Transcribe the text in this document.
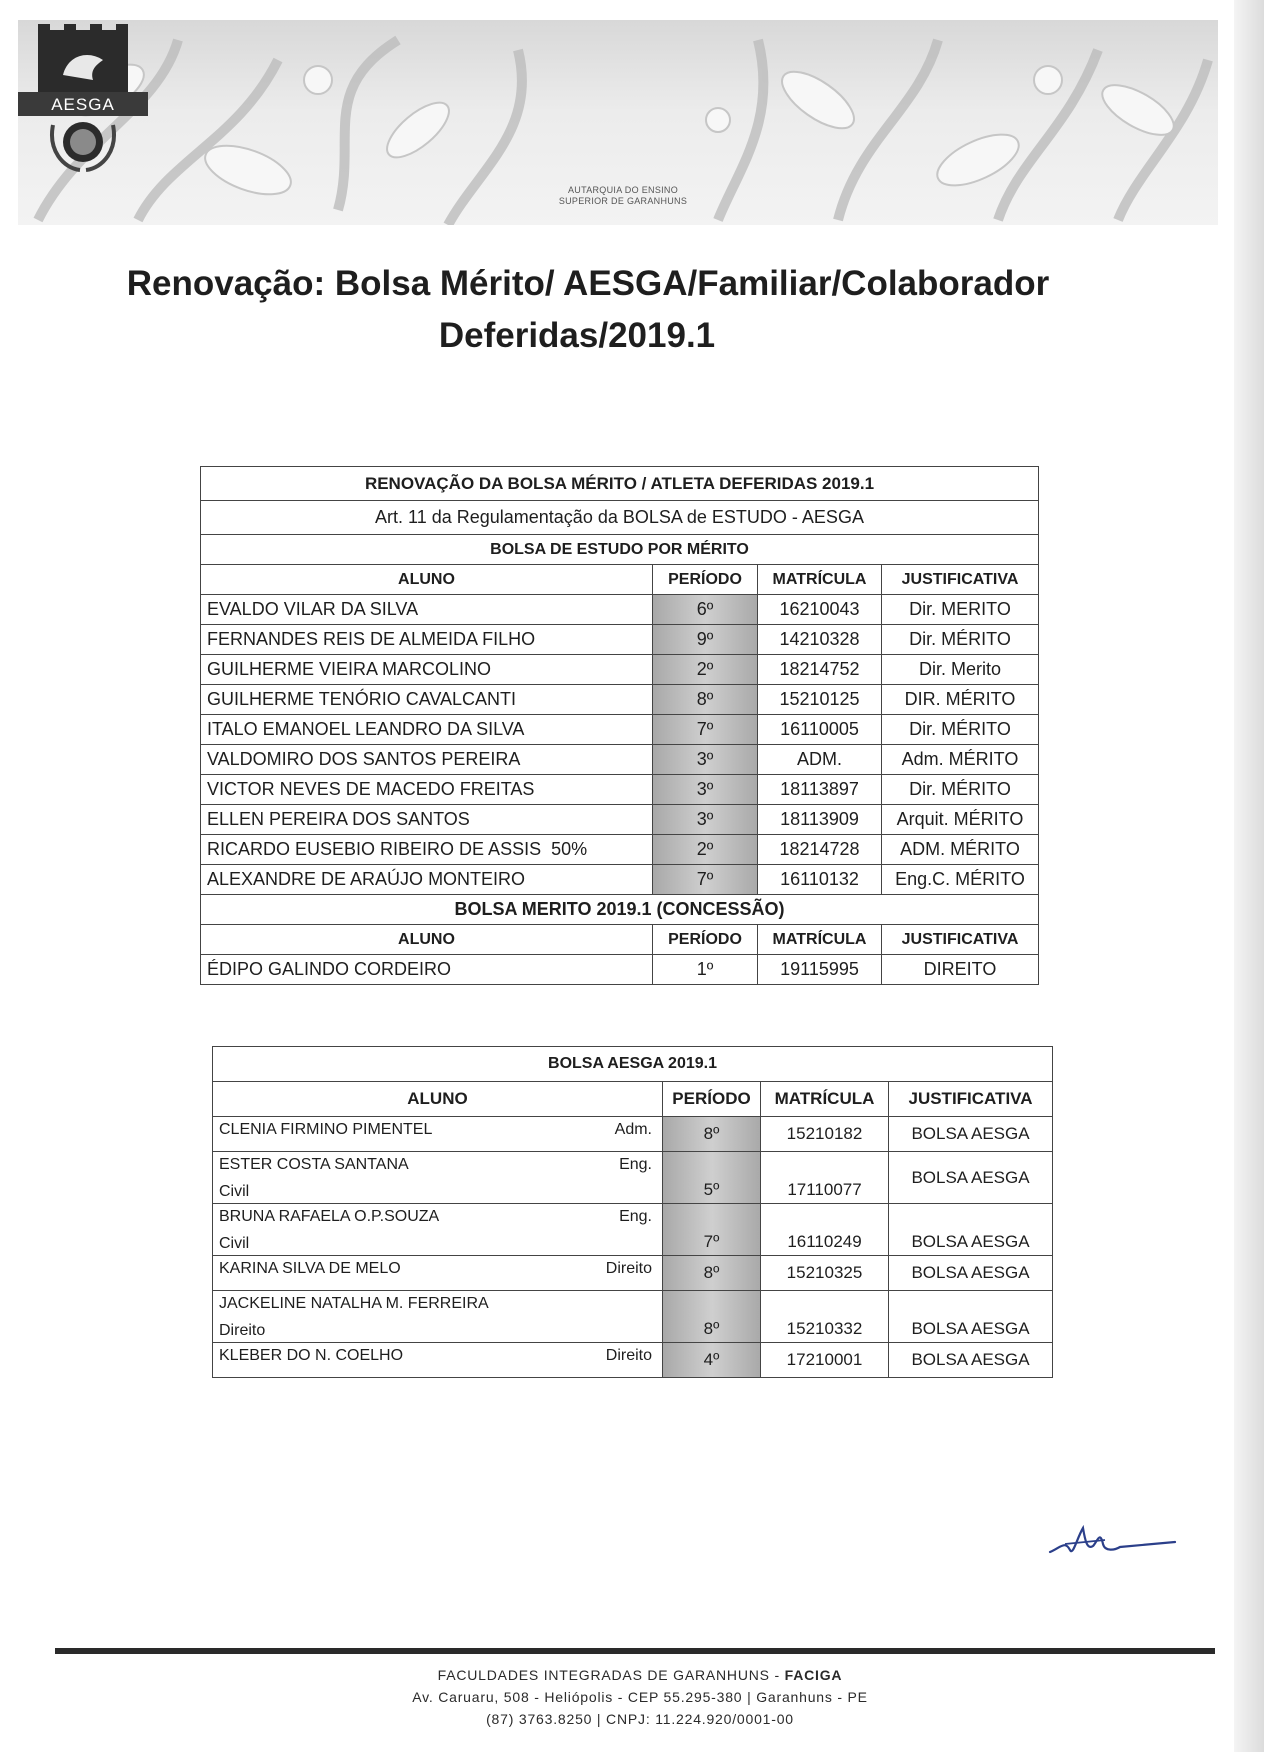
AESGA
AUTARQUIA DO ENSINO
SUPERIOR DE GARANHUNS
Renovação: Bolsa Mérito/ AESGA/Familiar/Colaborador
Deferidas/2019.1
RENOVAÇÃO DA BOLSA MÉRITO / ATLETA DEFERIDAS 2019.1			
Art. 11 da Regulamentação da BOLSA de ESTUDO - AESGA			
BOLSA DE ESTUDO POR MÉRITO			
ALUNO	PERÍODO	MATRÍCULA	JUSTIFICATIVA
EVALDO VILAR DA SILVA	6º	16210043	Dir. MERITO
FERNANDES REIS DE ALMEIDA FILHO	9º	14210328	Dir. MÉRITO
GUILHERME VIEIRA MARCOLINO	2º	18214752	Dir. Merito
GUILHERME TENÓRIO CAVALCANTI	8º	15210125	DIR. MÉRITO
ITALO EMANOEL LEANDRO DA SILVA	7º	16110005	Dir. MÉRITO
VALDOMIRO DOS SANTOS PEREIRA	3º	ADM.	Adm. MÉRITO
VICTOR NEVES DE MACEDO FREITAS	3º	18113897	Dir. MÉRITO
ELLEN PEREIRA DOS SANTOS	3º	18113909	Arquit. MÉRITO
RICARDO EUSEBIO RIBEIRO DE ASSIS  50%	2º	18214728	ADM. MÉRITO
ALEXANDRE DE ARAÚJO MONTEIRO	7º	16110132	Eng.C. MÉRITO
BOLSA MERITO 2019.1 (CONCESSÃO)			
ALUNO	PERÍODO	MATRÍCULA	JUSTIFICATIVA
ÉDIPO GALINDO CORDEIRO	1º	19115995	DIREITO
BOLSA AESGA 2019.1			
ALUNO	PERÍODO	MATRÍCULA	JUSTIFICATIVA

CLENIA FIRMINO PIMENTEL Adm.	8º	15210182	BOLSA AESGA

ESTER COSTA SANTANA Eng.
Civil	5º	17110077	BOLSA AESGA

BRUNA RAFAELA O.P.SOUZA Eng.
Civil	7º	16110249	BOLSA AESGA

KARINA SILVA DE MELO Direito	8º	15210325	BOLSA AESGA

JACKELINE NATALHA M. FERREIRA
Direito	8º	15210332	BOLSA AESGA

KLEBER DO N. COELHO Direito	4º	17210001	BOLSA AESGA
FACULDADES INTEGRADAS DE GARANHUNS - FACIGA
Av. Caruaru, 508 - Heliópolis - CEP 55.295-380 | Garanhuns - PE
(87) 3763.8250 | CNPJ: 11.224.920/0001-00
